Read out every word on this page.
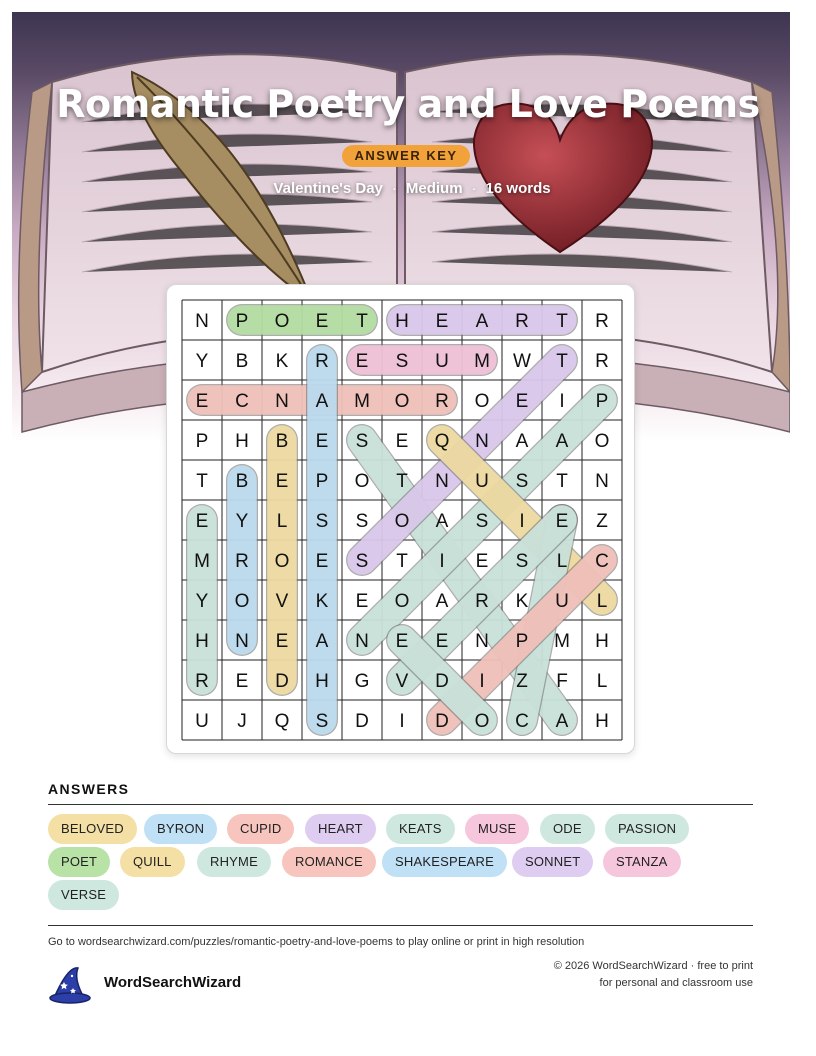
Romantic Poetry and Love Poems
ANSWER KEY
Valentine's Day · Medium · 16 words
N P O E T H E A R T R
Y B K R E S U M W T R
E C N A M O R O E I P
P H B E S E Q N A A O
T B E P O T N U S T N
E Y L S S O A S I E Z
M R O E S T I E S L C
Y O V K E O A R K U L
H N E A N E E N P M H
R E D H G V D I Z F L
U J Q S D I D O C A H
ANSWERS
BELOVED	BYRON	CUPID	HEART	KEATS	MUSE	ODE	PASSION
POET	QUILL	RHYME	ROMANCE	SHAKESPEARE	SONNET	STANZA
VERSE
Go to wordsearchwizard.com/puzzles/romantic-poetry-and-love-poems to play online or print in high resolution
WordSearchWizard
© 2026 WordSearchWizard · free to print for personal and classroom use
